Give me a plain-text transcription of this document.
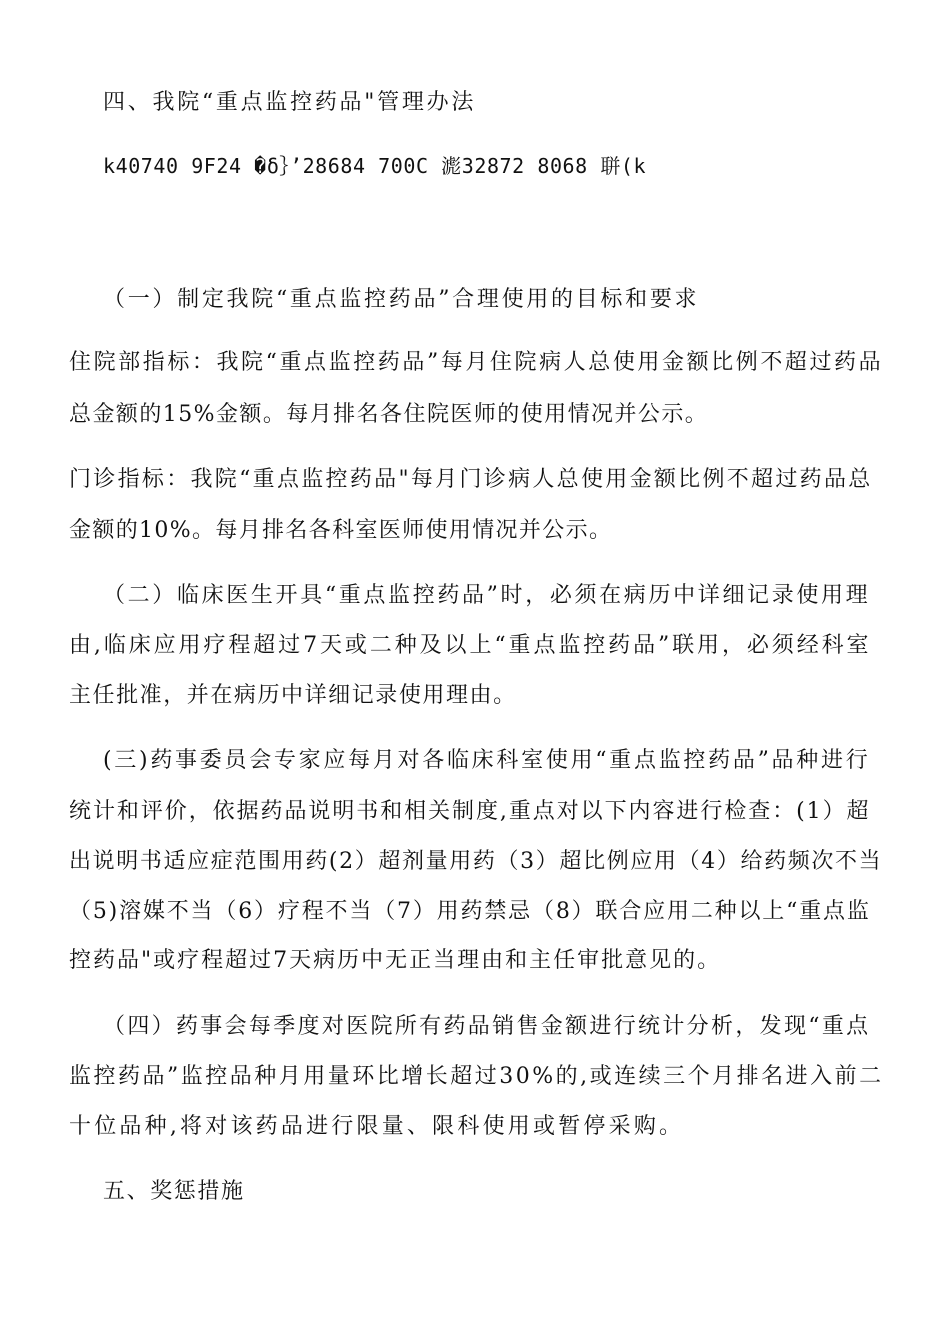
四、我院“重点监控药品"管理办法
k40740 9F24 �δ｝’28684 700C 滮32872 8068 聠(k
（一）制定我院“重点监控药品”合理使用的目标和要求
住院部指标：我院“重点监控药品”每月住院病人总使用金额比例不超过药品
总金额的15%金额。每月排名各住院医师的使用情况并公示。
门诊指标：我院“重点监控药品"每月门诊病人总使用金额比例不超过药品总
金额的10%。每月排名各科室医师使用情况并公示。
（二）临床医生开具“重点监控药品”时，必须在病历中详细记录使用理
由,临床应用疗程超过7天或二种及以上“重点监控药品”联用，必须经科室
主任批准，并在病历中详细记录使用理由。
(三)药事委员会专家应每月对各临床科室使用“重点监控药品”品种进行
统计和评价，依据药品说明书和相关制度,重点对以下内容进行检查：(1）超
出说明书适应症范围用药(2）超剂量用药（3）超比例应用（4）给药频次不当
（5)溶媒不当（6）疗程不当（7）用药禁忌（8）联合应用二种以上“重点监
控药品"或疗程超过7天病历中无正当理由和主任审批意见的。
（四）药事会每季度对医院所有药品销售金额进行统计分析，发现“重点
监控药品”监控品种月用量环比增长超过30%的,或连续三个月排名进入前二
十位品种,将对该药品进行限量、限科使用或暂停采购。
五、奖惩措施
